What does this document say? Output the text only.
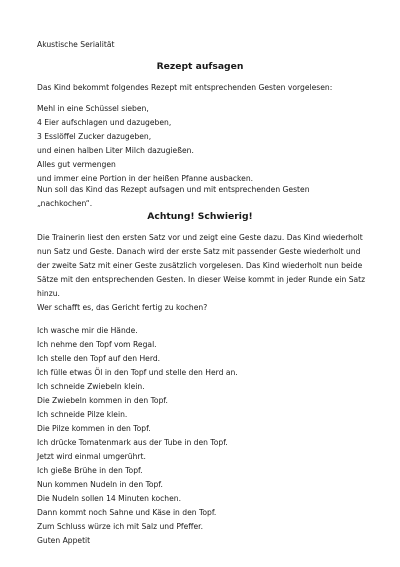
Akustische Serialität
Rezept aufsagen
Das Kind bekommt folgendes Rezept mit entsprechenden Gesten vorgelesen:
Mehl in eine Schüssel sieben,
4 Eier aufschlagen und dazugeben,
3 Esslöffel Zucker dazugeben,
und einen halben Liter Milch dazugießen.
Alles gut vermengen
und immer eine Portion in der heißen Pfanne ausbacken.
Nun soll das Kind das Rezept aufsagen und mit entsprechenden Gesten „nachkochen“.
Achtung! Schwierig!
Die Trainerin liest den ersten Satz vor und zeigt eine Geste dazu. Das Kind wiederholt
nun Satz und Geste. Danach wird der erste Satz mit passender Geste wiederholt und
der zweite Satz mit einer Geste zusätzlich vorgelesen. Das Kind wiederholt nun beide
Sätze mit den entsprechenden Gesten. In dieser Weise kommt in jeder Runde ein Satz
hinzu.
Wer schafft es, das Gericht fertig zu kochen?
Ich wasche mir die Hände.
Ich nehme den Topf vom Regal.
Ich stelle den Topf auf den Herd.
Ich fülle etwas Öl in den Topf und stelle den Herd an.
Ich schneide Zwiebeln klein.
Die Zwiebeln kommen in den Topf.
Ich schneide Pilze klein.
Die Pilze kommen in den Topf.
Ich drücke Tomatenmark aus der Tube in den Topf.
Jetzt wird einmal umgerührt.
Ich gieße Brühe in den Topf.
Nun kommen Nudeln in den Topf.
Die Nudeln sollen 14 Minuten kochen.
Dann kommt noch Sahne und Käse in den Topf.
Zum Schluss würze ich mit Salz und Pfeffer.
Guten Appetit
